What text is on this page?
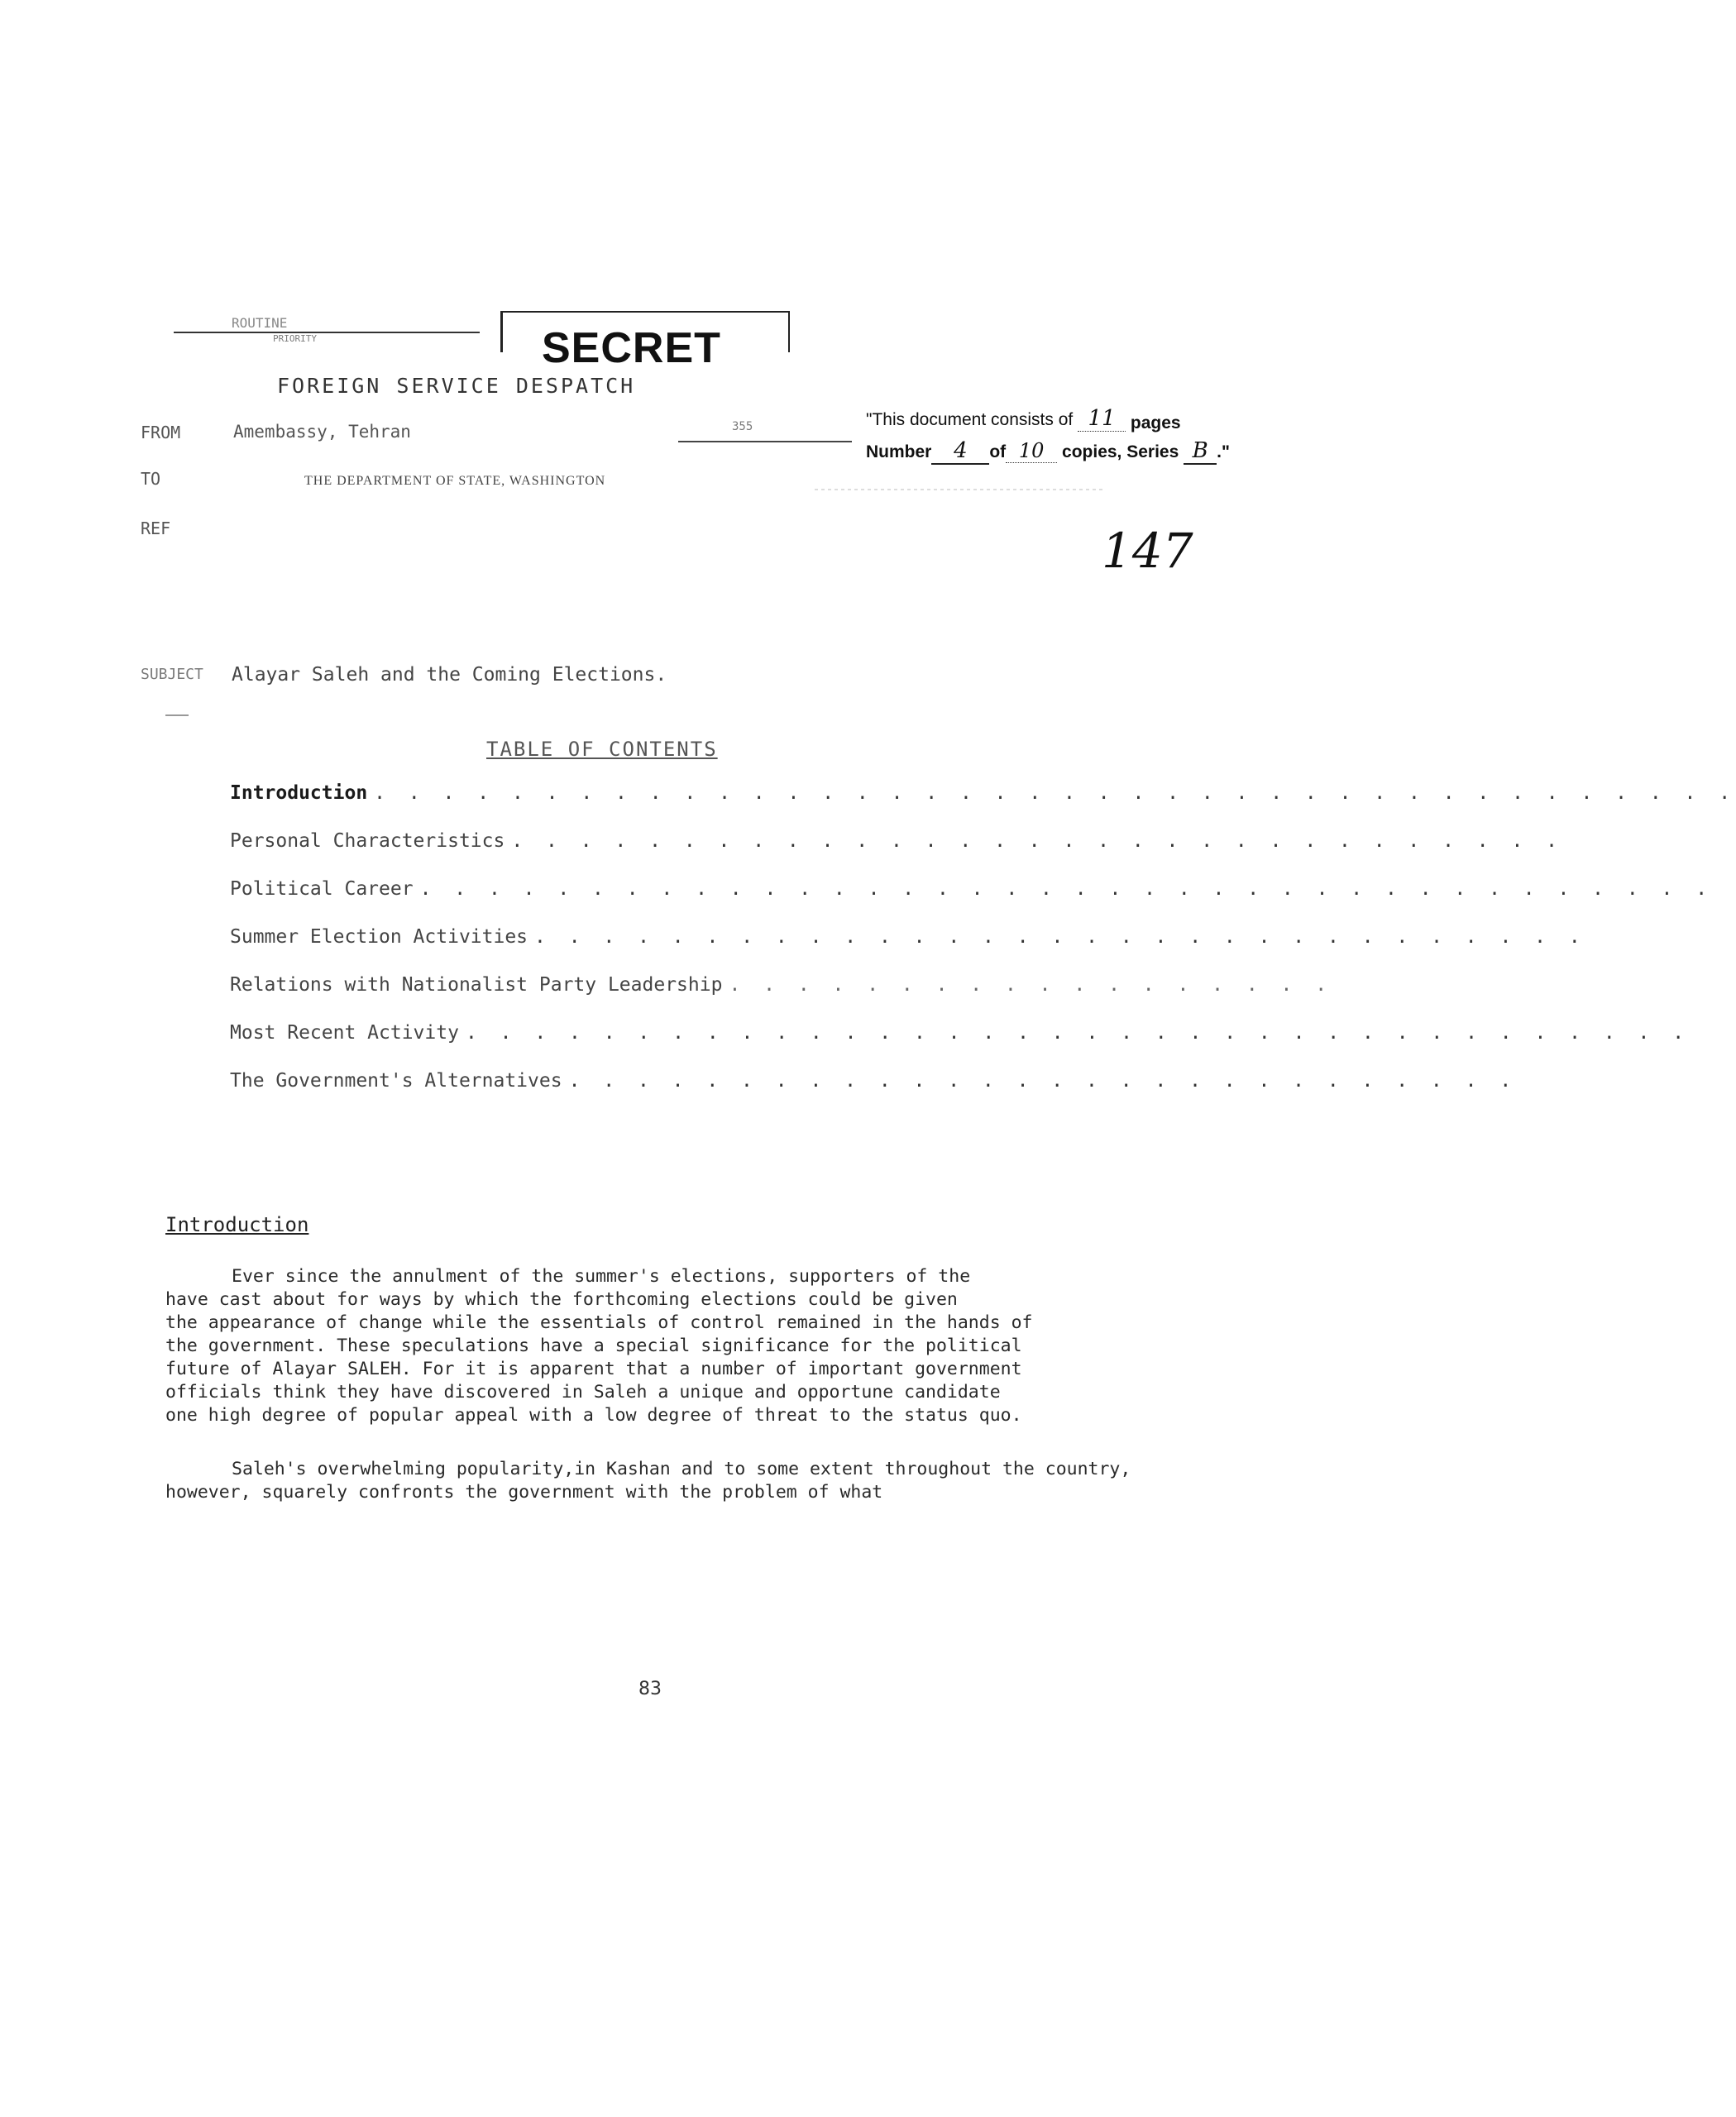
ROUTINE
PRIORITY	SECRET
FOREIGN SERVICE DESPATCH
FROM	Amembassy, Tehran	355
TO	THE DEPARTMENT OF STATE, WASHINGTON
REF
"This document consists of 11 pages
Number 4 of 10 copies, Series B ."
147
SUBJECT Alayar Saleh and the Coming Elections.
TABLE OF CONTENTS
Introduction . . . . . . . . . . . . . . . . . . . . . . . . . . . . . . . . . . . . . . . .
Personal Characteristics . . . . . . . . . . . . . . . . . . . . . . . . . . . . . . .
Political Career . . . . . . . . . . . . . . . . . . . . . . . . . . . . . . . . . . . . . .
Summer Election Activities . . . . . . . . . . . . . . . . . . . . . . . . . . . . . . .
Relations with Nationalist Party Leadership . . . . . . . . . . . . . . . . . .
Most Recent Activity . . . . . . . . . . . . . . . . . . . . . . . . . . . . . . . . . . . .
The Government's Alternatives . . . . . . . . . . . . . . . . . . . . . . . . . . . .
Introduction
Ever since the annulment of the summer's elections, supporters of the
have cast about for ways by which the forthcoming elections could be given
the appearance of change while the essentials of control remained in the hands of
the government. These speculations have a special significance for the political
future of Alayar SALEH. For it is apparent that a number of important government
officials think they have discovered in Saleh a unique and opportune candidate
one high degree of popular appeal with a low degree of threat to the status quo.
Saleh's overwhelming popularity,in Kashan and to some extent throughout the country,
however, squarely confronts the government with the problem of what
83
